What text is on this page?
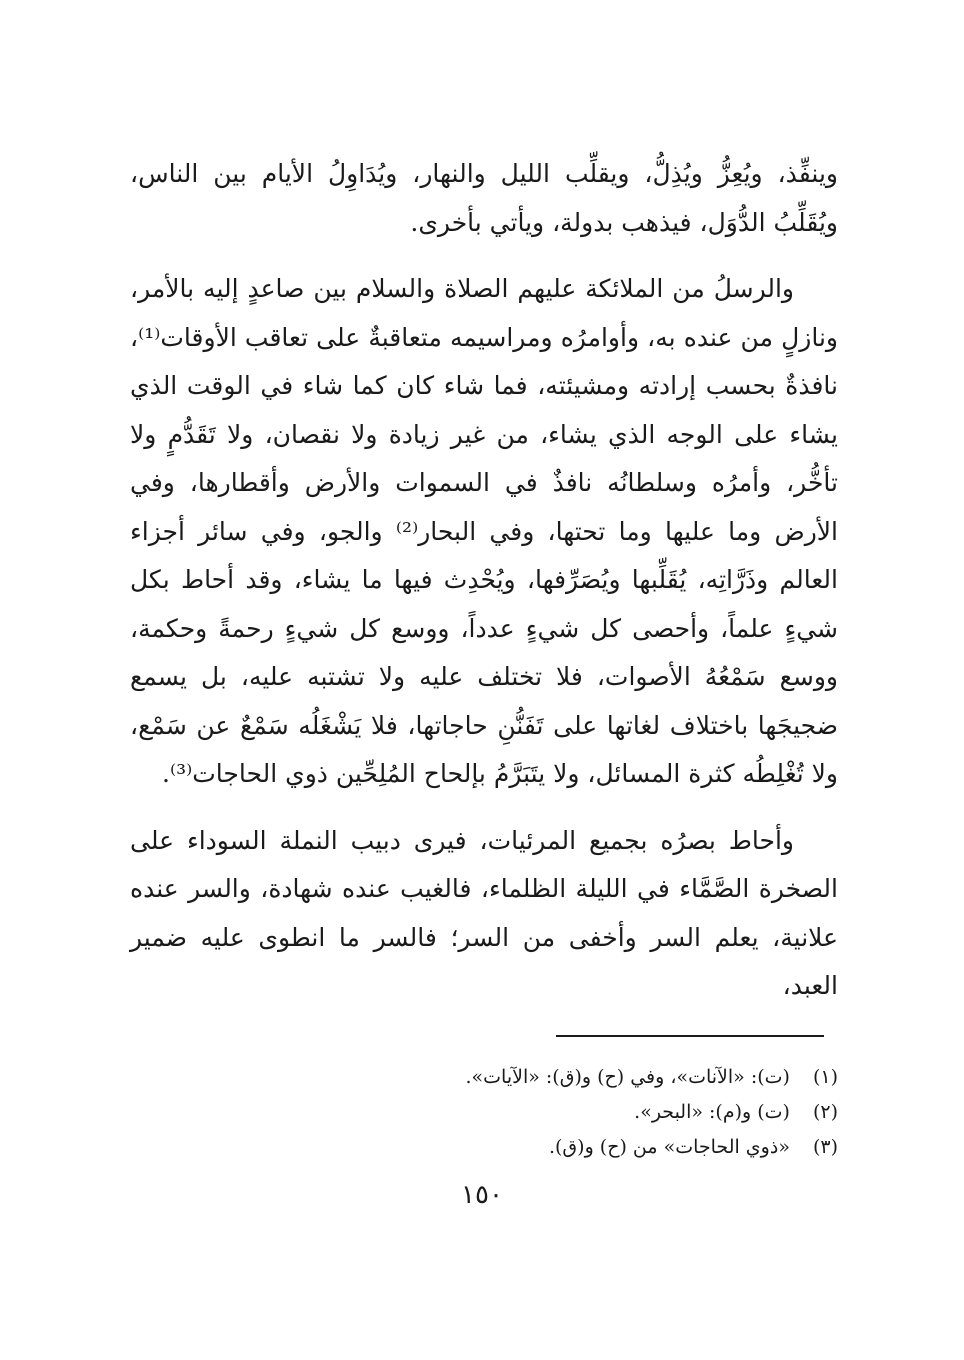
وينفِّذ، ويُعِزُّ ويُذِلُّ، ويقلِّب الليل والنهار، ويُدَاوِلُ الأيام بين الناس، ويُقَلِّبُ الدُّوَل، فيذهب بدولة، ويأتي بأخرى.

والرسلُ من الملائكة عليهم الصلاة والسلام بين صاعدٍ إليه بالأمر، ونازلٍ من عنده به، وأوامرُه ومراسيمه متعاقبةٌ على تعاقب الأوقات⁽¹⁾، نافذةٌ بحسب إرادته ومشيئته، فما شاء كان كما شاء في الوقت الذي يشاء على الوجه الذي يشاء، من غير زيادة ولا نقصان، ولا تَقَدُّمٍ ولا تأخُّر، وأمرُه وسلطانُه نافذٌ في السموات والأرض وأقطارها، وفي الأرض وما عليها وما تحتها، وفي البحار⁽²⁾ والجو، وفي سائر أجزاء العالم وذَرَّاتِه، يُقَلِّبها ويُصَرِّفها، ويُحْدِث فيها ما يشاء، وقد أحاط بكل شيءٍ علماً، وأحصى كل شيءٍ عدداً، ووسع كل شيءٍ رحمةً وحكمة، ووسع سَمْعُهُ الأصوات، فلا تختلف عليه ولا تشتبه عليه، بل يسمع ضجيجَها باختلاف لغاتها على تَفَنُّنِ حاجاتها، فلا يَشْغَلُه سَمْعٌ عن سَمْع، ولا تُغْلِطُه كثرة المسائل، ولا يتَبَرَّمُ بإلحاح المُلِحِّين ذوي الحاجات⁽³⁾.

وأحاط بصرُه بجميع المرئيات، فيرى دبيب النملة السوداء على الصخرة الصَّمَّاء في الليلة الظلماء، فالغيب عنده شهادة، والسر عنده علانية، يعلم السر وأخفى من السر؛ فالسر ما انطوى عليه ضمير العبد،

(١) (ت): «الآنات»، وفي (ح) و(ق): «الآيات».
(٢) (ت) و(م): «البحر».
(٣) «ذوي الحاجات» من (ح) و(ق).
١٥٠
